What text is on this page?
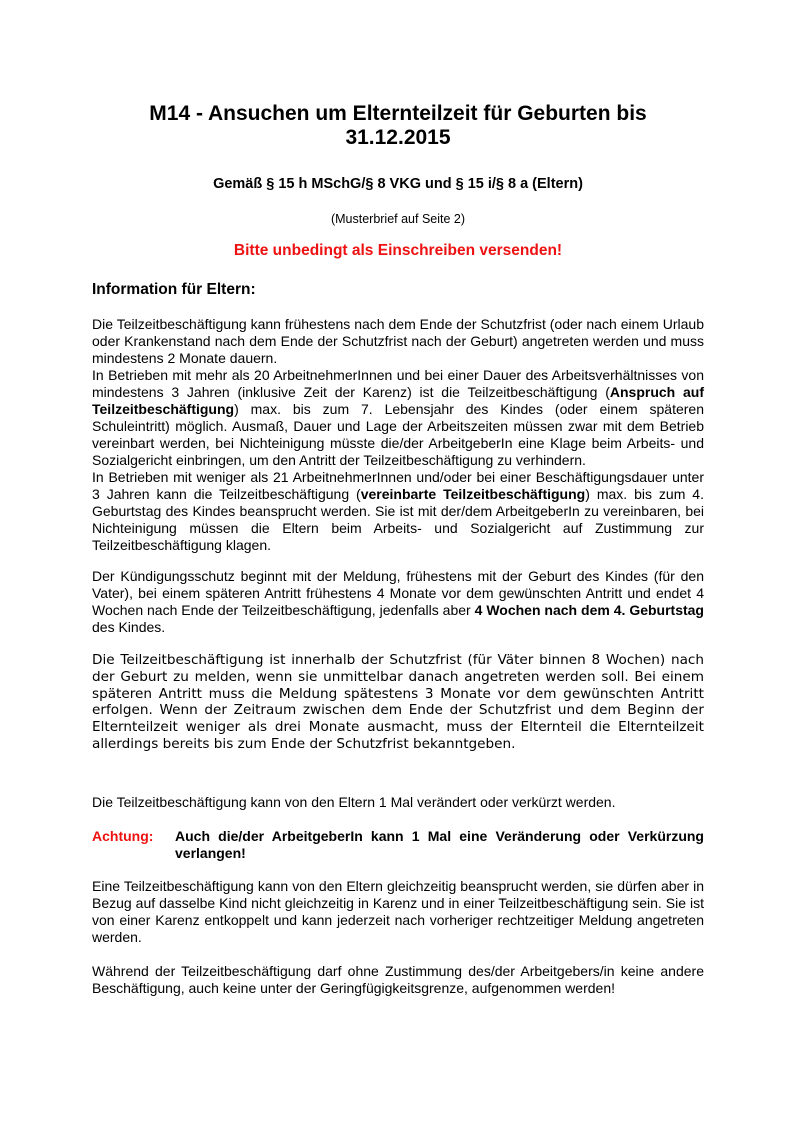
M14 - Ansuchen um Elternteilzeit für Geburten bis
31.12.2015

Gemäß § 15 h MSchG/§ 8 VKG und § 15 i/§ 8 a (Eltern)

(Musterbrief auf Seite 2)

Bitte unbedingt als Einschreiben versenden!

Information für Eltern:
Die Teilzeitbeschäftigung kann frühestens nach dem Ende der Schutzfrist (oder nach einem Urlaub oder Krankenstand nach dem Ende der Schutzfrist nach der Geburt) angetreten werden und muss mindestens 2 Monate dauern.
In Betrieben mit mehr als 20 ArbeitnehmerInnen und bei einer Dauer des Arbeitsverhältnisses von mindestens 3 Jahren (inklusive Zeit der Karenz) ist die Teilzeitbeschäftigung (Anspruch auf Teilzeitbeschäftigung) max. bis zum 7. Lebensjahr des Kindes (oder einem späteren Schuleintritt) möglich. Ausmaß, Dauer und Lage der Arbeitszeiten müssen zwar mit dem Betrieb vereinbart werden, bei Nichteinigung müsste die/der ArbeitgeberIn eine Klage beim Arbeits- und Sozialgericht einbringen, um den Antritt der Teilzeitbeschäftigung zu verhindern.
In Betrieben mit weniger als 21 ArbeitnehmerInnen und/oder bei einer Beschäftigungsdauer unter 3 Jahren kann die Teilzeitbeschäftigung (vereinbarte Teilzeitbeschäftigung) max. bis zum 4. Geburtstag des Kindes beansprucht werden. Sie ist mit der/dem ArbeitgeberIn zu vereinbaren, bei Nichteinigung müssen die Eltern beim Arbeits- und Sozialgericht auf Zustimmung zur Teilzeitbeschäftigung klagen.

Der Kündigungsschutz beginnt mit der Meldung, frühestens mit der Geburt des Kindes (für den Vater), bei einem späteren Antritt frühestens 4 Monate vor dem gewünschten Antritt und endet 4 Wochen nach Ende der Teilzeitbeschäftigung, jedenfalls aber 4 Wochen nach dem 4. Geburtstag des Kindes.

Die Teilzeitbeschäftigung ist innerhalb der Schutzfrist (für Väter binnen 8 Wochen) nach der Geburt zu melden, wenn sie unmittelbar danach angetreten werden soll. Bei einem späteren Antritt muss die Meldung spätestens 3 Monate vor dem gewünschten Antritt erfolgen. Wenn der Zeitraum zwischen dem Ende der Schutzfrist und dem Beginn der Elternteilzeit weniger als drei Monate ausmacht, muss der Elternteil die Elternteilzeit allerdings bereits bis zum Ende der Schutzfrist bekanntgeben.

Die Teilzeitbeschäftigung kann von den Eltern 1 Mal verändert oder verkürzt werden.

Achtung: Auch die/der ArbeitgeberIn kann 1 Mal eine Veränderung oder Verkürzung verlangen!

Eine Teilzeitbeschäftigung kann von den Eltern gleichzeitig beansprucht werden, sie dürfen aber in Bezug auf dasselbe Kind nicht gleichzeitig in Karenz und in einer Teilzeitbeschäftigung sein. Sie ist von einer Karenz entkoppelt und kann jederzeit nach vorheriger rechtzeitiger Meldung angetreten werden.

Während der Teilzeitbeschäftigung darf ohne Zustimmung des/der Arbeitgebers/in keine andere Beschäftigung, auch keine unter der Geringfügigkeitsgrenze, aufgenommen werden!
